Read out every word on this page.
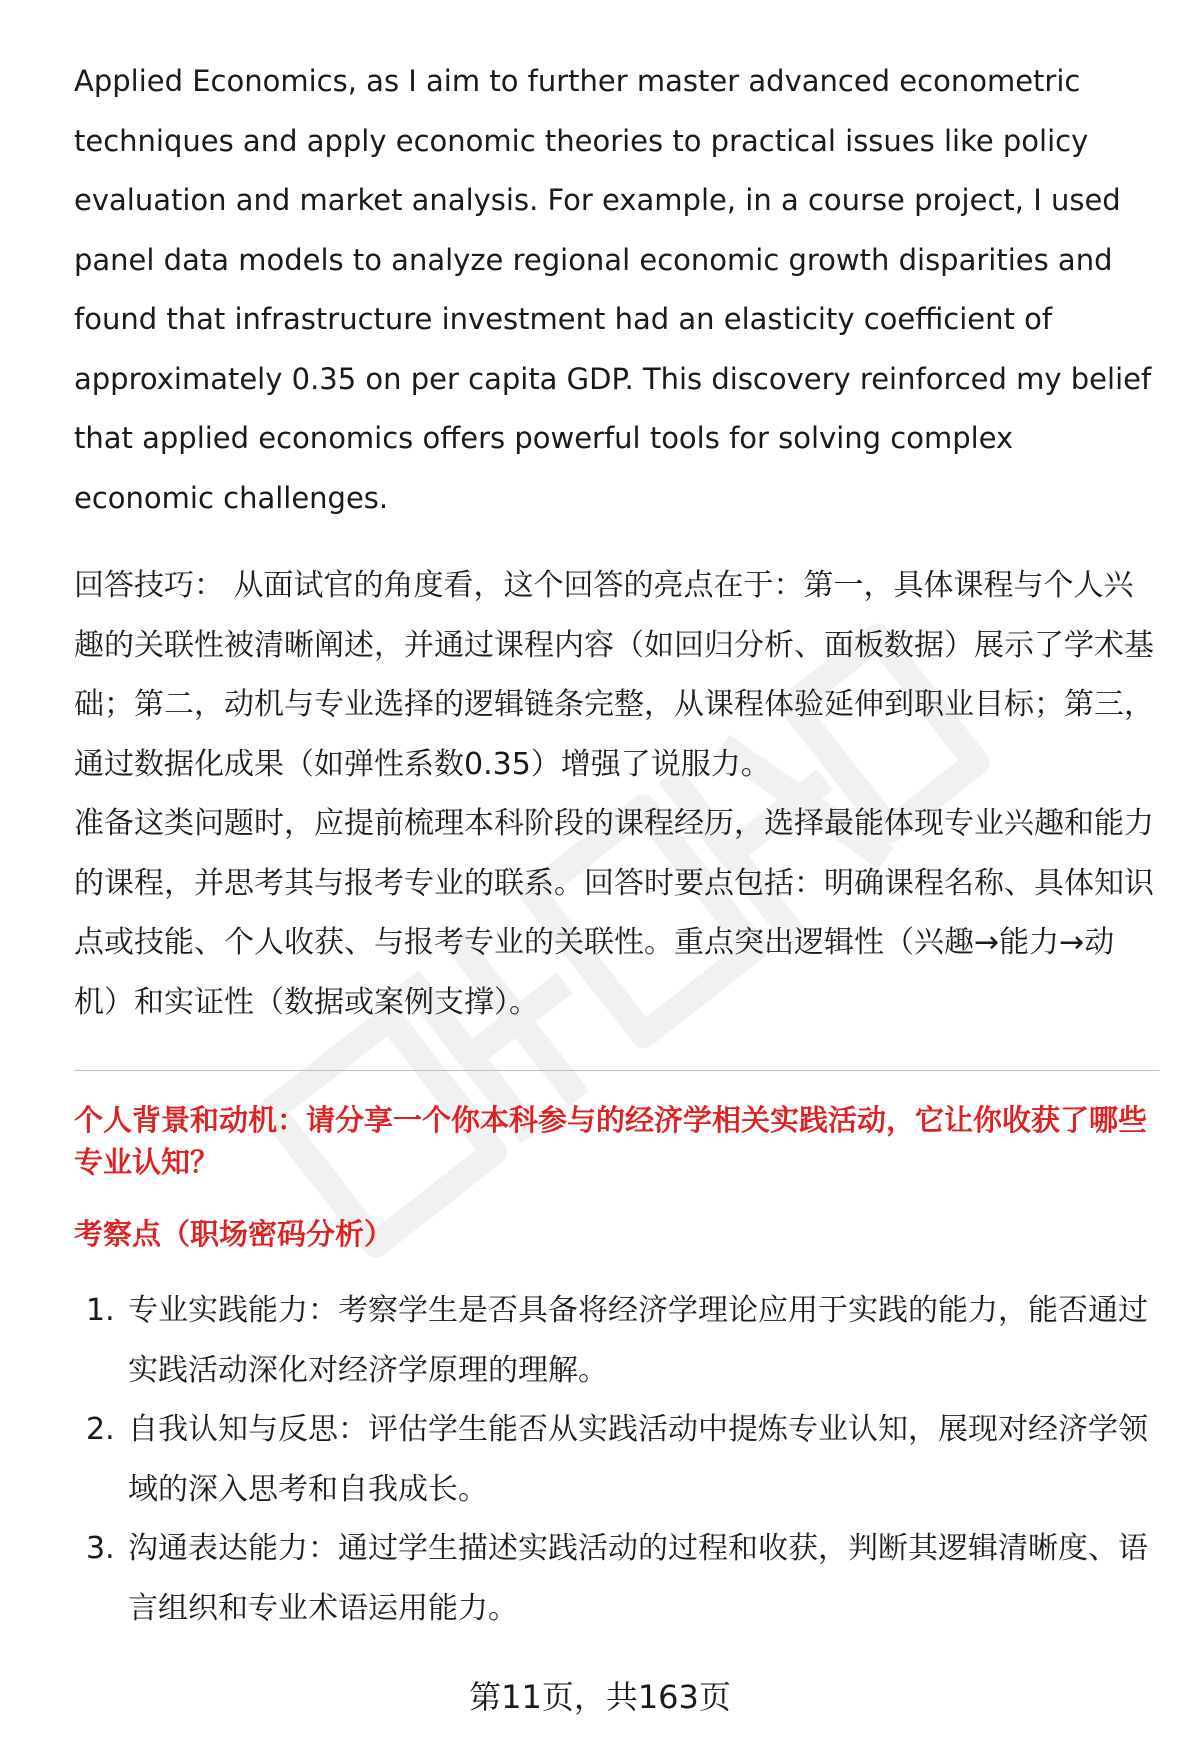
Applied Economics, as I aim to further master advanced econometric techniques and apply economic theories to practical issues like policy evaluation and market analysis. For example, in a course project, I used panel data models to analyze regional economic growth disparities and found that infrastructure investment had an elasticity coefficient of approximately 0.35 on per capita GDP. This discovery reinforced my belief that applied economics offers powerful tools for solving complex economic challenges.

回答技巧： 从面试官的角度看，这个回答的亮点在于：第一，具体课程与个人兴趣的关联性被清晰阐述，并通过课程内容（如回归分析、面板数据）展示了学术基础；第二，动机与专业选择的逻辑链条完整，从课程体验延伸到职业目标；第三，通过数据化成果（如弹性系数0.35）增强了说服力。

准备这类问题时，应提前梳理本科阶段的课程经历，选择最能体现专业兴趣和能力的课程，并思考其与报考专业的联系。回答时要点包括：明确课程名称、具体知识点或技能、个人收获、与报考专业的关联性。重点突出逻辑性（兴趣→能力→动机）和实证性（数据或案例支撑）。

个人背景和动机：请分享一个你本科参与的经济学相关实践活动，它让你收获了哪些专业认知？

考察点（职场密码分析）

1. 专业实践能力：考察学生是否具备将经济学理论应用于实践的能力，能否通过实践活动深化对经济学原理的理解。
2. 自我认知与反思：评估学生能否从实践活动中提炼专业认知，展现对经济学领域的深入思考和自我成长。
3. 沟通表达能力：通过学生描述实践活动的过程和收获，判断其逻辑清晰度、语言组织和专业术语运用能力。
第11页，共163页
